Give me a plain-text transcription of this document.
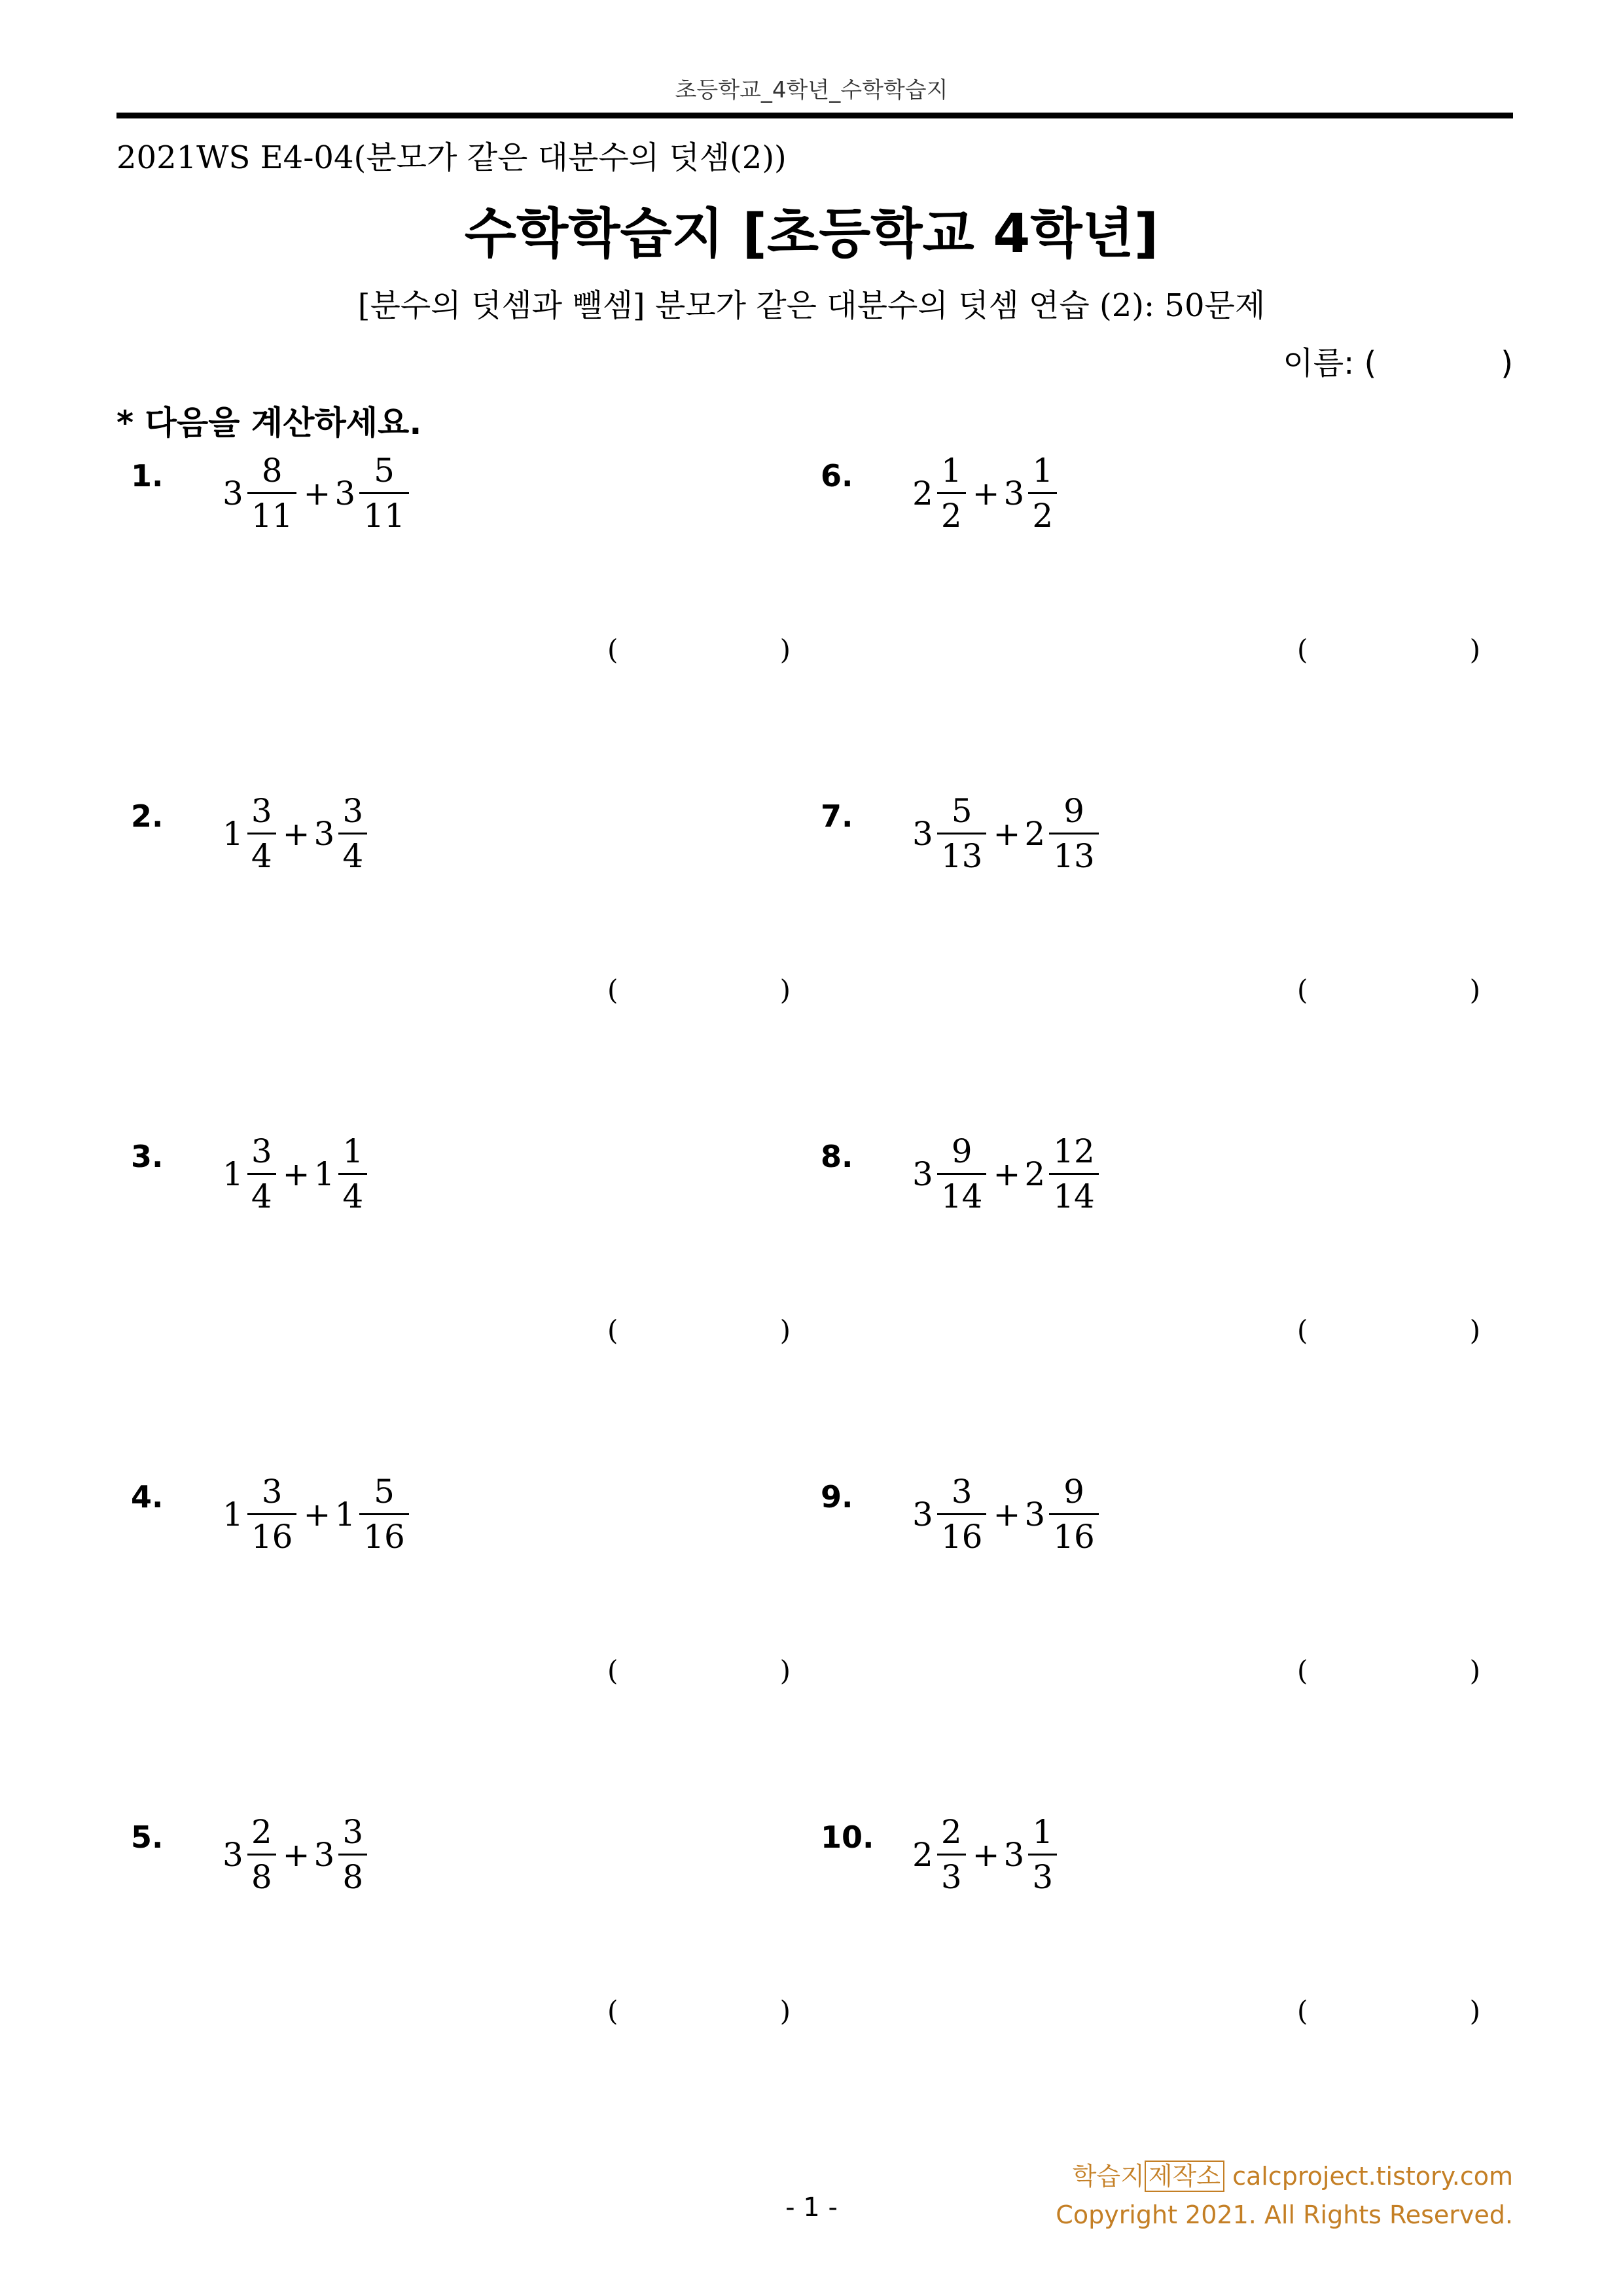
초등학교_4학년_수학학습지
2021WS E4-04(분모가 같은 대분수의 덧셈(2))
수학학습지 [초등학교 4학년]
[분수의 덧셈과 뺄셈] 분모가 같은 대분수의 덧셈 연습 (2): 50문제
이름: (	)
* 다음을 계산하세요.
1. $3 \frac{8}{11} + 3 \frac{5}{11}$
(	)
2. $1 \frac{3}{4} + 3 \frac{3}{4}$
(	)
3. $1 \frac{3}{4} + 1 \frac{1}{4}$
(	)
4. $1 \frac{3}{16} + 1 \frac{5}{16}$
(	)
5. $3 \frac{2}{8} + 3 \frac{3}{8}$
(	)
6. $2 \frac{1}{2} + 3 \frac{1}{2}$
(	)
7. $3 \frac{5}{13} + 2 \frac{9}{13}$
(	)
8. $3 \frac{9}{14} + 2 \frac{12}{14}$
(	)
9. $3 \frac{3}{16} + 3 \frac{9}{16}$
(	)
10. $2 \frac{2}{3} + 3 \frac{1}{3}$
(	)
학습지 제작소 calcproject.tistory.com
Copyright 2021. All Rights Reserved.
- 1 -
